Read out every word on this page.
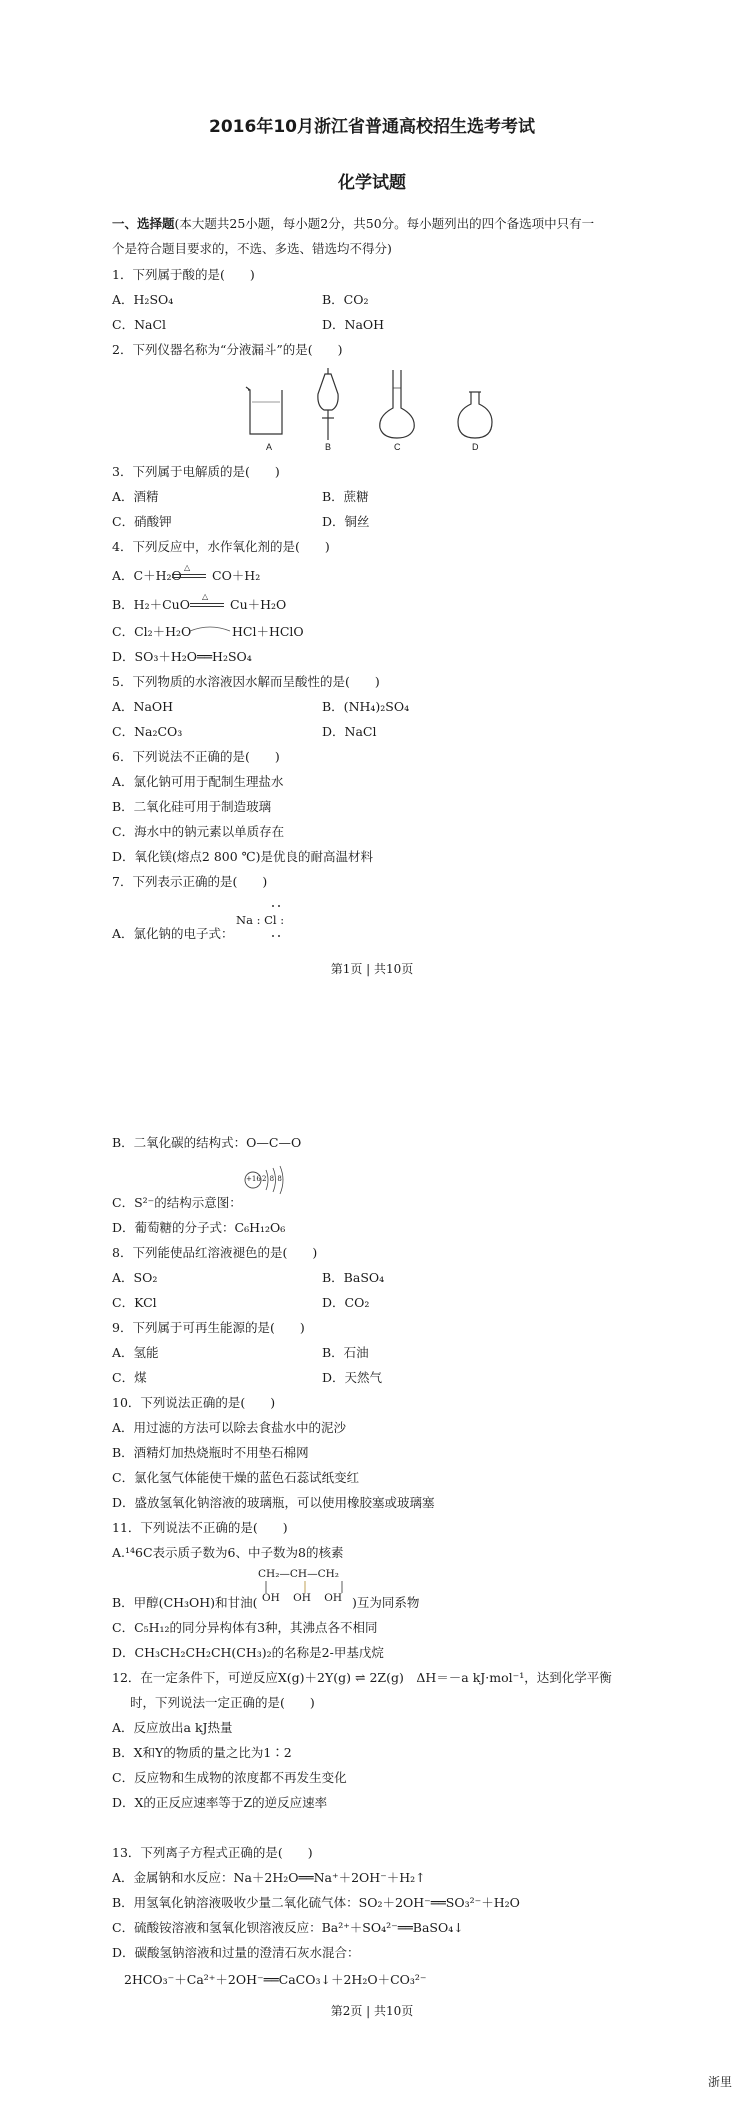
2016年10月浙江省普通高校招生选考考试
化学试题
一、选择题(本大题共25小题，每小题2分，共50分。每小题列出的四个备选项中只有一
个是符合题目要求的，不选、多选、错选均不得分)
1．下列属于酸的是(　　)
A．H₂SO₄	B．CO₂
C．NaCl	D．NaOH
2．下列仪器名称为“分液漏斗”的是(　　)
A	B	C	D
3．下列属于电解质的是(　　)
A．酒精	B．蔗糖
C．硝酸钾	D．铜丝
4．下列反应中，水作氧化剂的是(　　)
A．C＋H₂O
△
CO＋H₂
B．H₂＋CuO
△
Cu＋H₂O
C．Cl₂＋H₂O	HCl＋HClO
D．SO₃＋H₂O══H₂SO₄
5．下列物质的水溶液因水解而呈酸性的是(　　)
A．NaOH	B．(NH₄)₂SO₄
C．Na₂CO₃	D．NaCl
6．下列说法不正确的是(　　)
A．氯化钠可用于配制生理盐水
B．二氧化硅可用于制造玻璃
C．海水中的钠元素以单质存在
D．氧化镁(熔点2 800 ℃)是优良的耐高温材料
7．下列表示正确的是(　　)
A．氯化钠的电子式：
Na : Cl :
第1页 | 共10页
B．二氧化碳的结构式：O—C—O
C．S²⁻的结构示意图：
+16 2 8 8
D．葡萄糖的分子式：C₆H₁₂O₆
8．下列能使品红溶液褪色的是(　　)
A．SO₂	B．BaSO₄
C．KCl	D．CO₂
9．下列属于可再生能源的是(　　)
A．氢能	B．石油
C．煤	D．天然气
10．下列说法正确的是(　　)
A．用过滤的方法可以除去食盐水中的泥沙
B．酒精灯加热烧瓶时不用垫石棉网
C．氯化氢气体能使干燥的蓝色石蕊试纸变红
D．盛放氢氧化钠溶液的玻璃瓶，可以使用橡胶塞或玻璃塞
11．下列说法不正确的是(　　)
A.¹⁴6C表示质子数为6、中子数为8的核素
CH₂—CH—CH₂
B．甲醇(CH₃OH)和甘油( OH    OH    OH )互为同系物
C．C₅H₁₂的同分异构体有3种，其沸点各不相同
D．CH₃CH₂CH₂CH(CH₃)₂的名称是2-甲基戊烷
12．在一定条件下，可逆反应X(g)＋2Y(g) ⇌ 2Z(g)　ΔH＝－a kJ·mol⁻¹，达到化学平衡
时，下列说法一定正确的是(　　)
A．反应放出a kJ热量
B．X和Y的物质的量之比为1∶2
C．反应物和生成物的浓度都不再发生变化
D．X的正反应速率等于Z的逆反应速率
13．下列离子方程式正确的是(　　)
A．金属钠和水反应：Na＋2H₂O══Na⁺＋2OH⁻＋H₂↑
B．用氢氧化钠溶液吸收少量二氧化硫气体：SO₂＋2OH⁻══SO₃²⁻＋H₂O
C．硫酸铵溶液和氢氧化钡溶液反应：Ba²⁺＋SO₄²⁻══BaSO₄↓
D．碳酸氢钠溶液和过量的澄清石灰水混合：
2HCO₃⁻＋Ca²⁺＋2OH⁻══CaCO₃↓＋2H₂O＋CO₃²⁻
第2页 | 共10页
浙里
